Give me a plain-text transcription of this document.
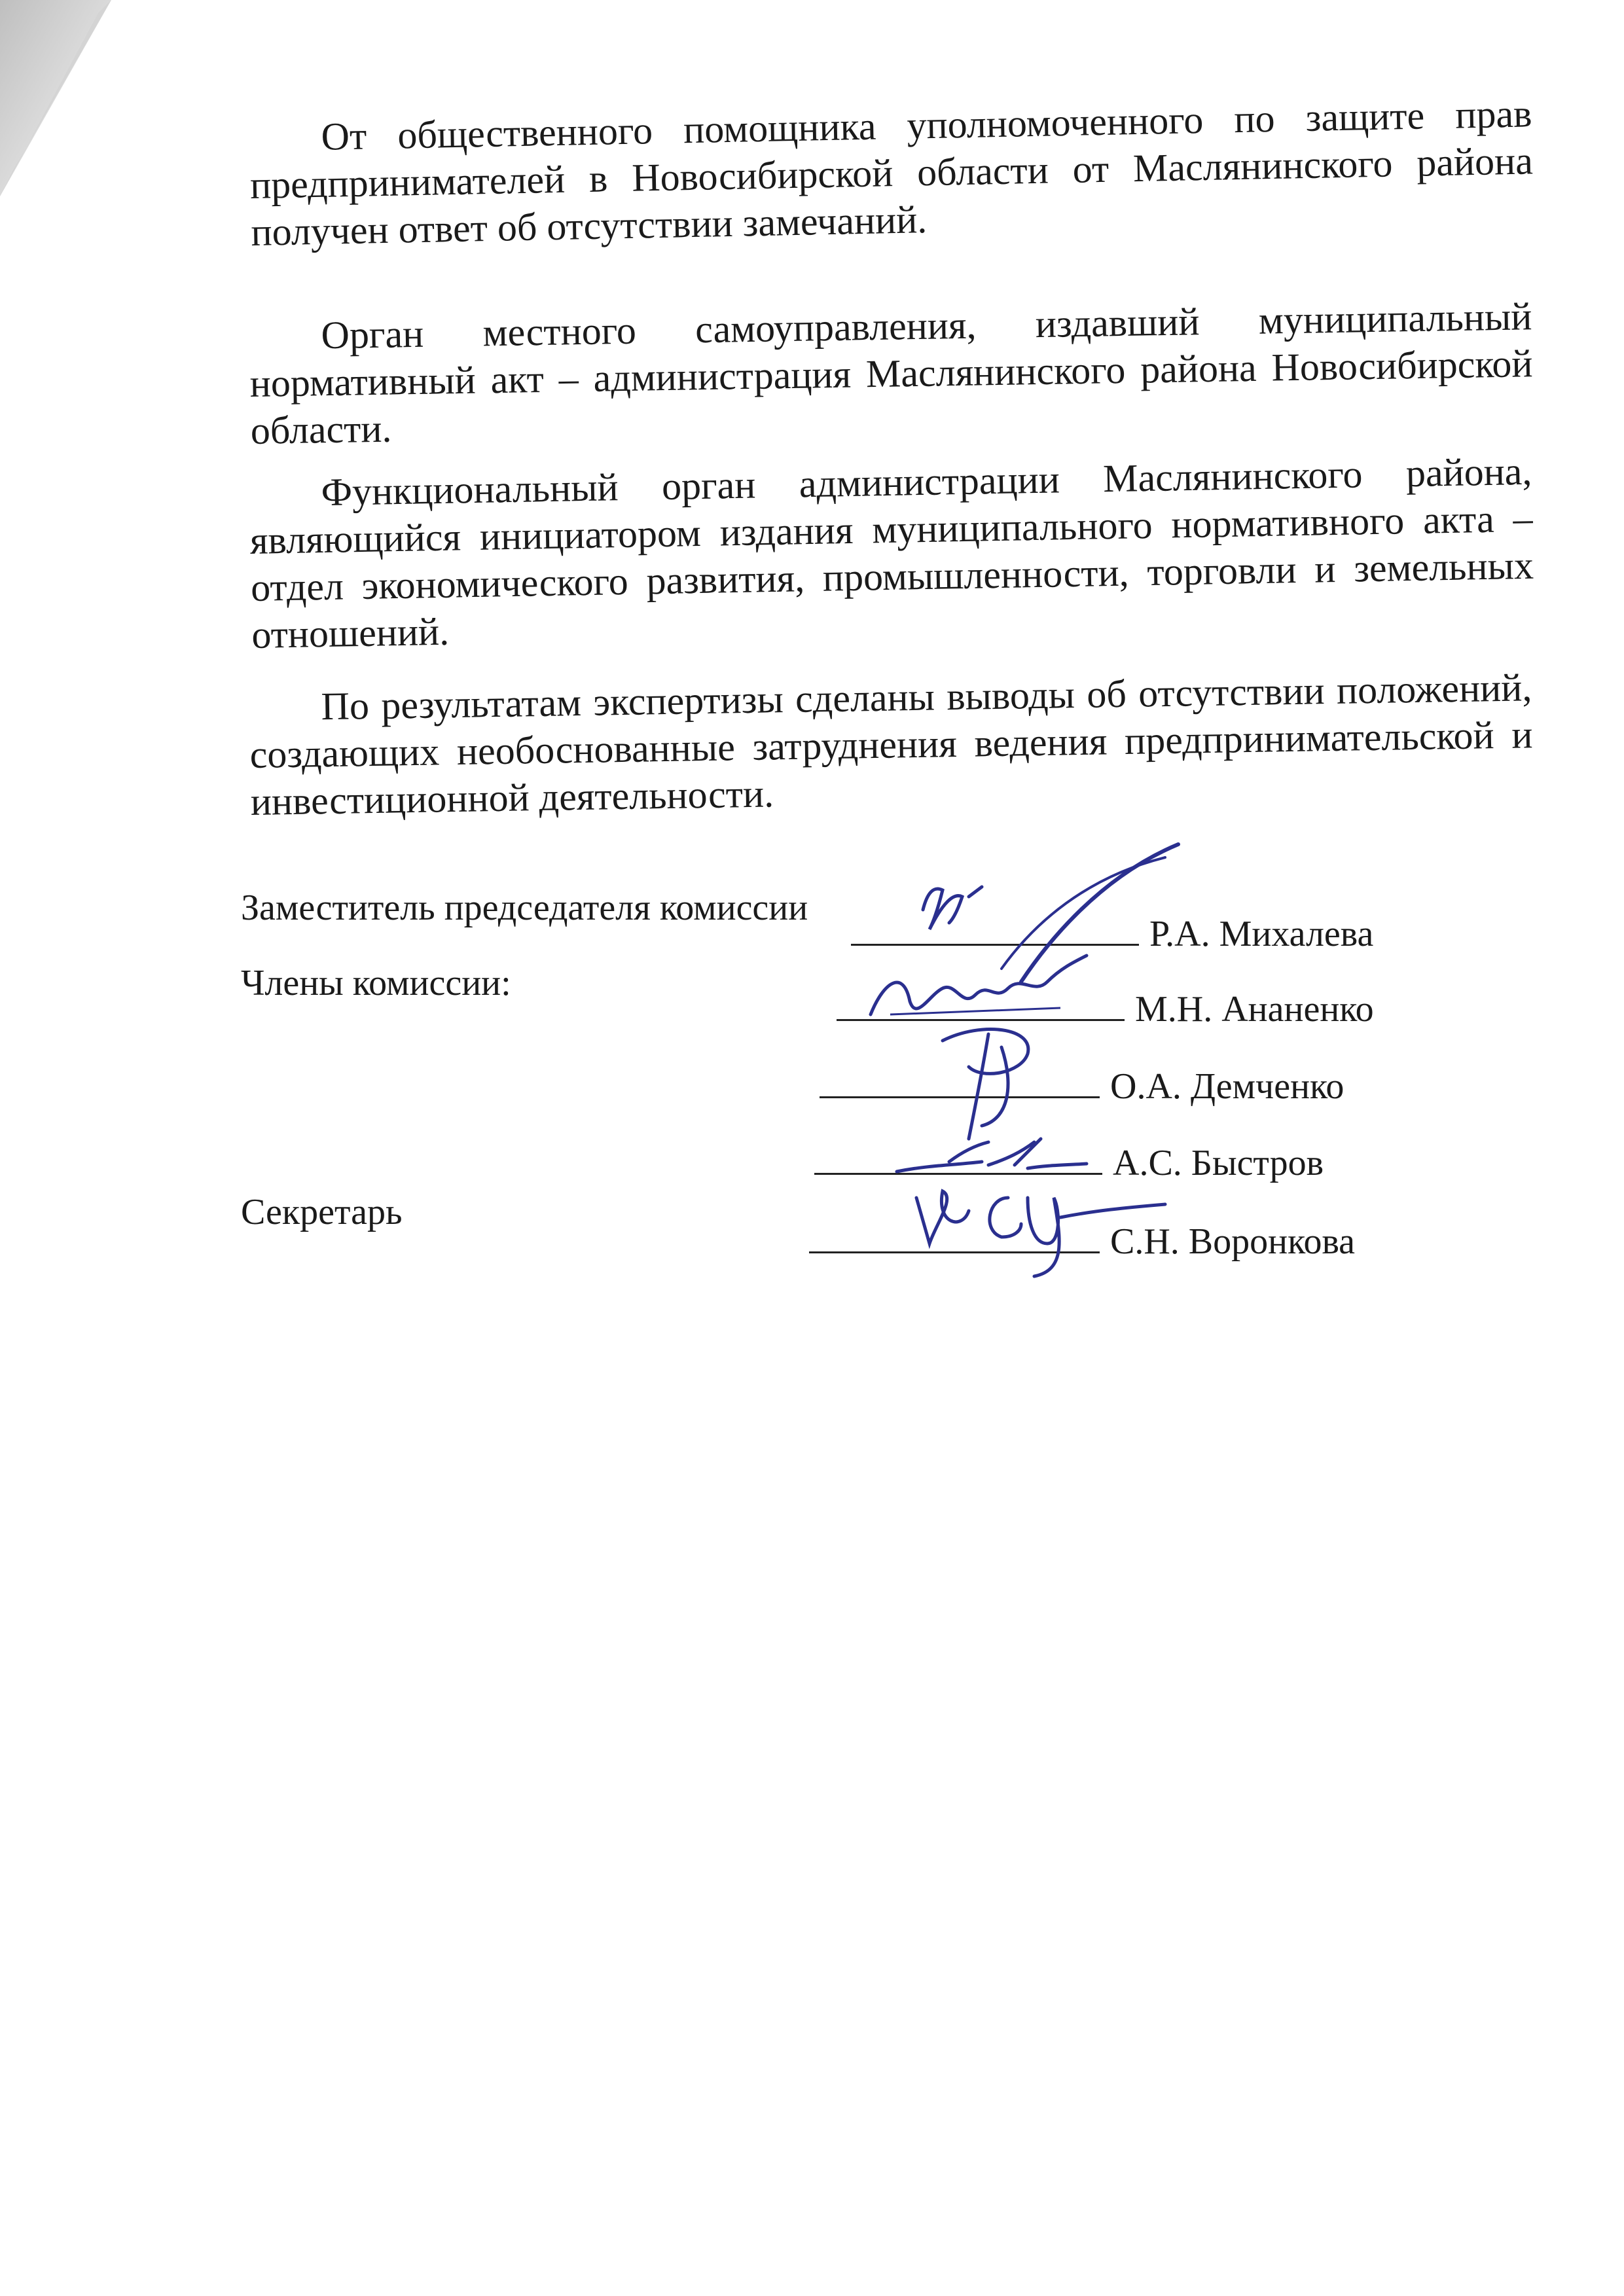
От общественного помощника уполномоченного по защите прав предпринимателей в Новосибирской области от Маслянинского района получен ответ об отсутствии замечаний.

Орган местного самоуправления, издавший муниципальный нормативный акт – администрация Маслянинского района Новосибирской области.

Функциональный орган администрации Маслянинского района, являющийся инициатором издания муниципального нормативного акта – отдел экономического развития, промышленности, торговли и земельных отношений.

По результатам экспертизы сделаны выводы об отсутствии положений, создающих необоснованные затруднения ведения предпринимательской и инвестиционной деятельности.

Заместитель председателя комиссии
Р.А. Михалева
Члены комиссии:
М.Н. Ананенко
О.А. Демченко
А.С. Быстров
Секретарь
С.Н. Воронкова
